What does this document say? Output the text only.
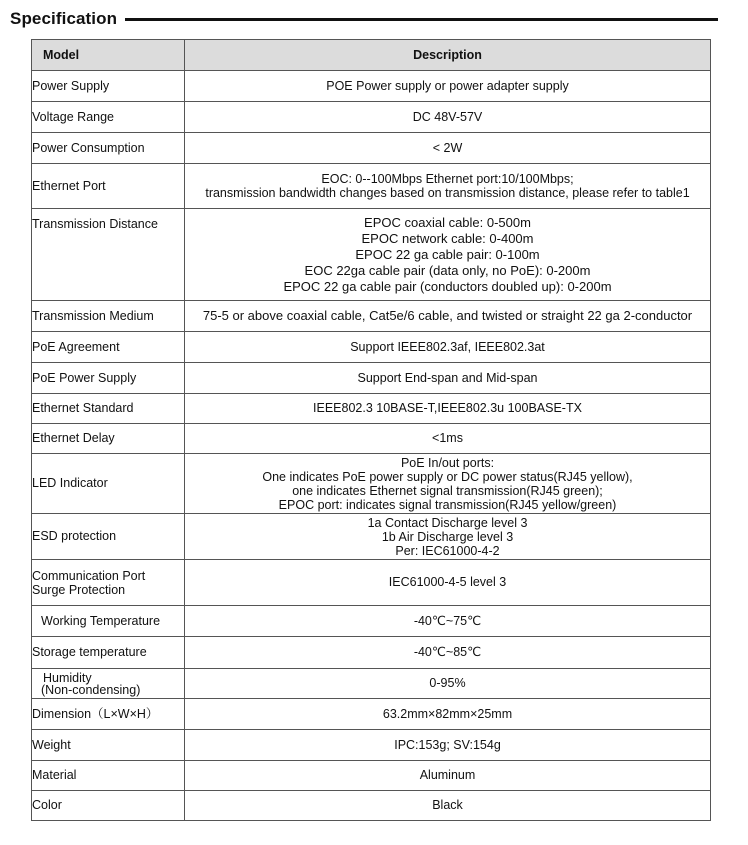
Specification
Model	Description

Power Supply	POE Power supply or power adapter supply

Voltage Range	DC 48V-57V

Power Consumption	< 2W

Ethernet Port	EOC: 0--100Mbps Ethernet port:10/100Mbps;
transmission bandwidth changes based on transmission distance, please refer to table1

Transmission Distance	EPOC coaxial cable: 0-500m
EPOC network cable: 0-400m
EPOC 22 ga cable pair: 0-100m
EOC 22ga cable pair (data only, no PoE): 0-200m
EPOC 22 ga cable pair (conductors doubled up): 0-200m

Transmission Medium	75-5 or above coaxial cable, Cat5e/6 cable, and twisted or straight 22 ga 2-conductor

PoE Agreement	Support IEEE802.3af, IEEE802.3at

PoE Power Supply	Support End-span and Mid-span

Ethernet Standard	IEEE802.3 10BASE-T,IEEE802.3u 100BASE-TX

Ethernet Delay	<1ms

LED Indicator	PoE In/out ports:
One indicates PoE power supply or DC power status(RJ45 yellow),
one indicates Ethernet signal transmission(RJ45 green);
EPOC port: indicates signal transmission(RJ45 yellow/green)

ESD protection	1a Contact Discharge level 3
1b Air Discharge level 3
Per: IEC61000-4-2

Communication Port
Surge Protection	IEC61000-4-5 level 3

Working Temperature	-40℃~75℃

Storage temperature	-40℃~85℃

Humidity
(Non-condensing)	0-95%

Dimension（L×W×H）	63.2mm×82mm×25mm

Weight	IPC:153g; SV:154g

Material	Aluminum

Color	Black
